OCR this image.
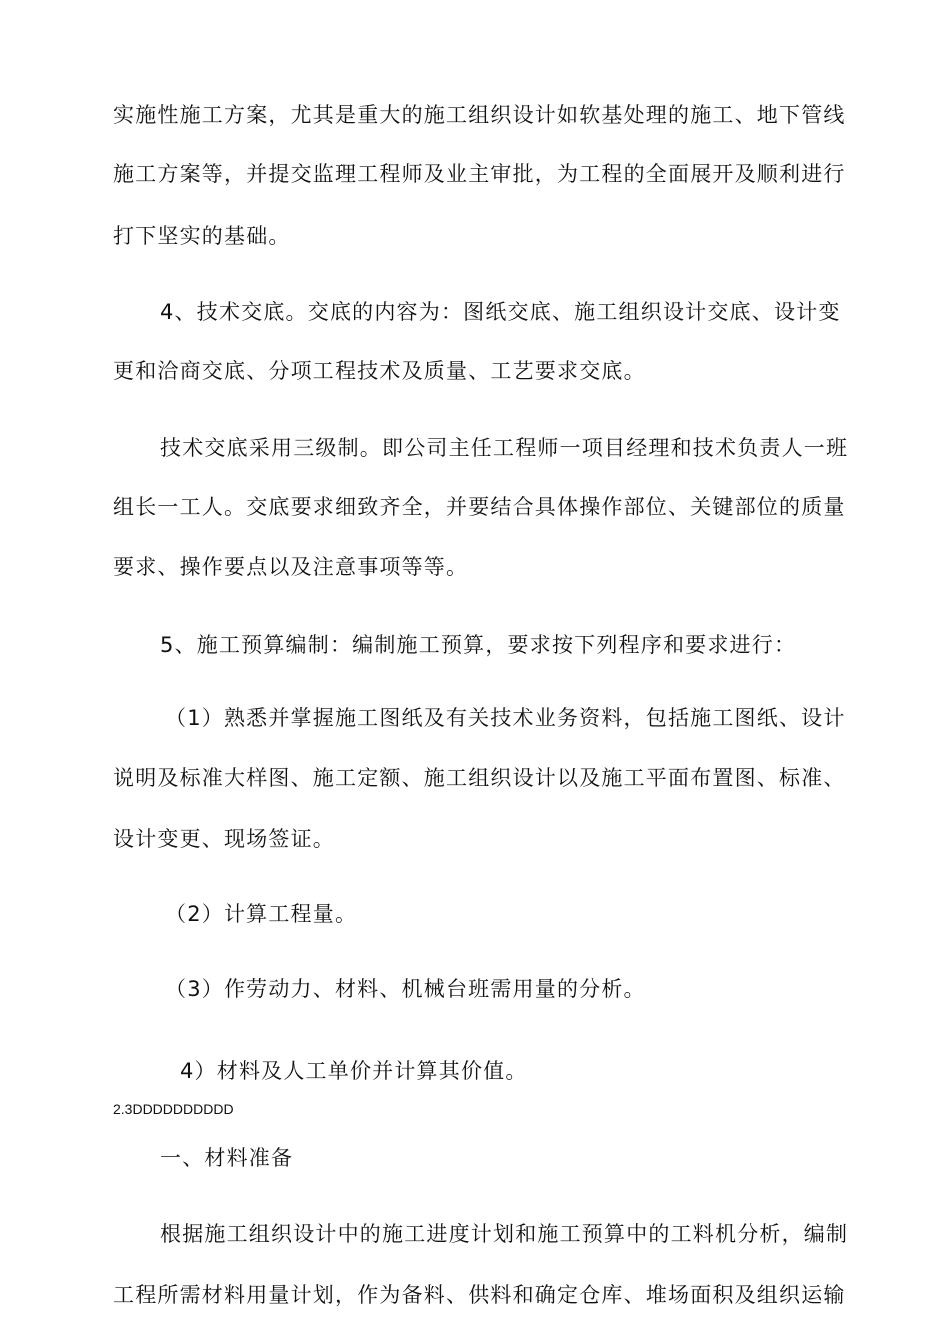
实施性施工方案，尤其是重大的施工组织设计如软基处理的施工、地下管线
施工方案等，并提交监理工程师及业主审批，为工程的全面展开及顺利进行
打下坚实的基础。
4、技术交底。交底的内容为：图纸交底、施工组织设计交底、设计变
更和洽商交底、分项工程技术及质量、工艺要求交底。
技术交底采用三级制。即公司主任工程师一项目经理和技术负责人一班
组长一工人。交底要求细致齐全，并要结合具体操作部位、关键部位的质量
要求、操作要点以及注意事项等等。
5、施工预算编制：编制施工预算，要求按下列程序和要求进行：
（1）熟悉并掌握施工图纸及有关技术业务资料，包括施工图纸、设计
说明及标准大样图、施工定额、施工组织设计以及施工平面布置图、标准、
设计变更、现场签证。
（2）计算工程量。
（3）作劳动力、材料、机械台班需用量的分析。
4）材料及人工单价并计算其价值。
2.3DDDDDDDDDD
一、材料准备
根据施工组织设计中的施工进度计划和施工预算中的工料机分析，编制
工程所需材料用量计划，作为备料、供料和确定仓库、堆场面积及组织运输
